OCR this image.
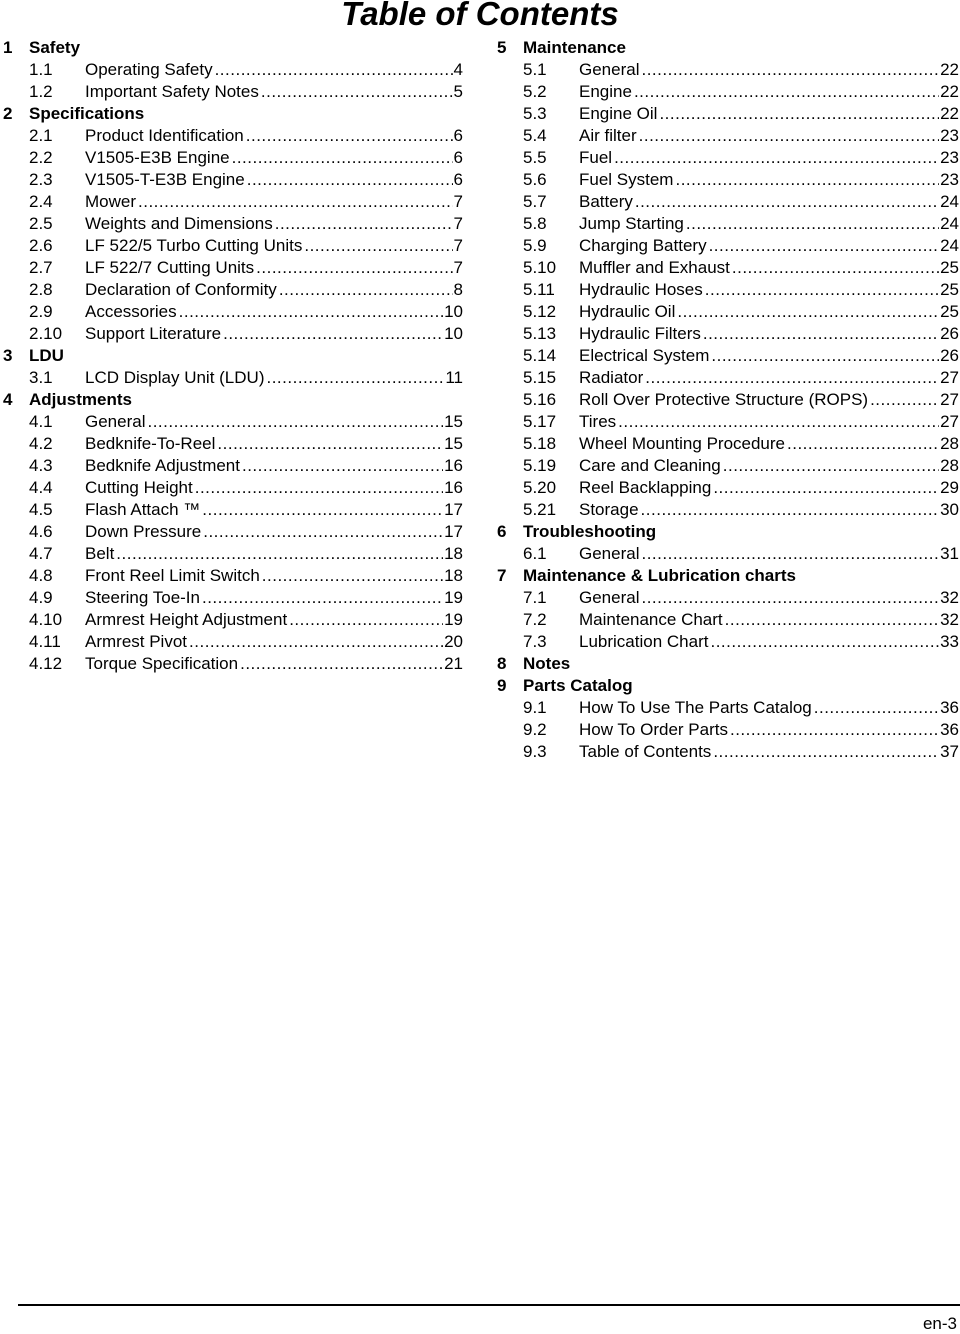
Table of Contents
1 Safety
1.1	Operating Safety .....	4
1.2	Important Safety Notes .....	5
2 Specifications
2.1	Product Identification .....	6
2.2	V1505-E3B Engine .....	6
2.3	V1505-T-E3B Engine .....	6
2.4	Mower .....	7
2.5	Weights and Dimensions .....	7
2.6	LF 522/5 Turbo Cutting Units .....	7
2.7	LF 522/7 Cutting Units .....	7
2.8	Declaration of Conformity .....	8
2.9	Accessories .....	10
2.10	Support Literature .....	10
3 LDU
3.1	LCD Display Unit (LDU) .....	11
4 Adjustments
4.1	General .....	15
4.2	Bedknife-To-Reel .....	15
4.3	Bedknife Adjustment .....	16
4.4	Cutting Height .....	16
4.5	Flash Attach ™ .....	17
4.6	Down Pressure .....	17
4.7	Belt .....	18
4.8	Front Reel Limit Switch .....	18
4.9	Steering Toe-In .....	19
4.10	Armrest Height Adjustment .....	19
4.11	Armrest Pivot .....	20
4.12	Torque Specification .....	21
5 Maintenance
5.1	General .....	22
5.2	Engine .....	22
5.3	Engine Oil .....	22
5.4	Air filter .....	23
5.5	Fuel .....	23
5.6	Fuel System .....	23
5.7	Battery .....	24
5.8	Jump Starting .....	24
5.9	Charging Battery .....	24
5.10	Muffler and Exhaust .....	25
5.11	Hydraulic Hoses .....	25
5.12	Hydraulic Oil .....	25
5.13	Hydraulic Filters .....	26
5.14	Electrical System .....	26
5.15	Radiator .....	27
5.16	Roll Over Protective Structure (ROPS) .....	27
5.17	Tires .....	27
5.18	Wheel Mounting Procedure .....	28
5.19	Care and Cleaning .....	28
5.20	Reel Backlapping .....	29
5.21	Storage .....	30
6 Troubleshooting
6.1	General .....	31
7 Maintenance & Lubrication charts
7.1	General .....	32
7.2	Maintenance Chart .....	32
7.3	Lubrication Chart .....	33
8 Notes
9 Parts Catalog
9.1	How To Use The Parts Catalog .....	36
9.2	How To Order Parts .....	36
9.3	Table of Contents .....	37
en-3
